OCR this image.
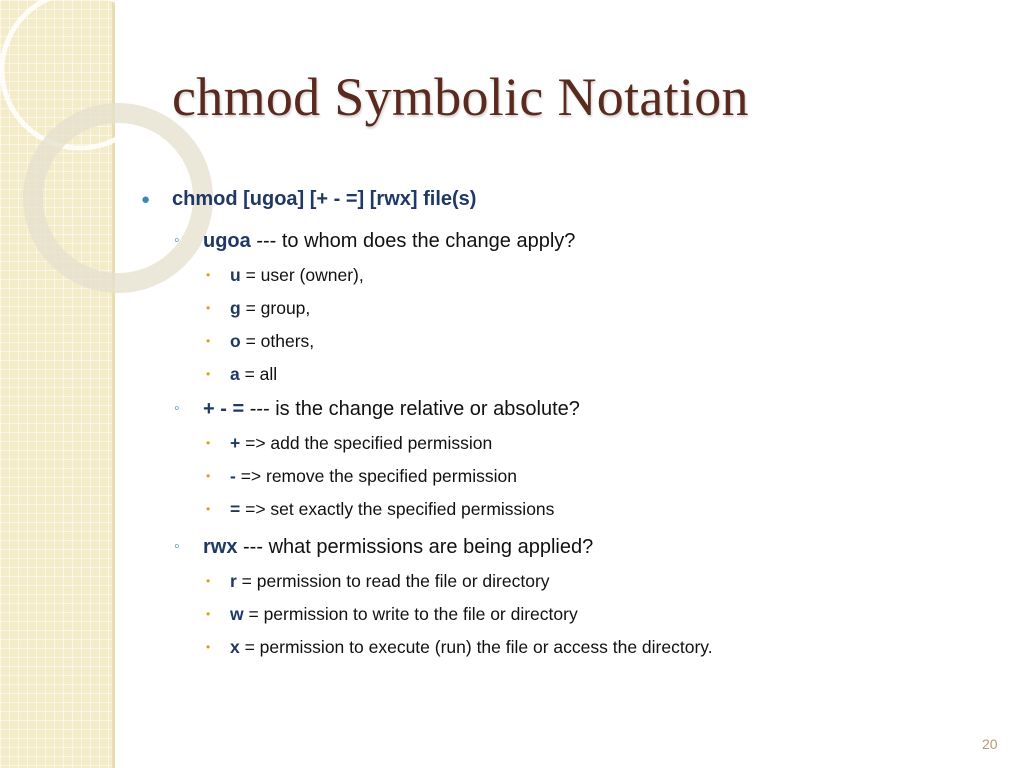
chmod Symbolic Notation
● chmod [ugoa] [+ - =] [rwx] file(s)
◦ ugoa --- to whom does the change apply?
• u = user (owner),
• g = group,
• o = others,
• a = all
◦ + - = --- is the change relative or absolute?
• + => add the specified permission
• - => remove the specified permission
• = => set exactly the specified permissions
◦ rwx --- what permissions are being applied?
• r = permission to read the file or directory
• w = permission to write to the file or directory
• x = permission to execute (run) the file or access the directory.
20
